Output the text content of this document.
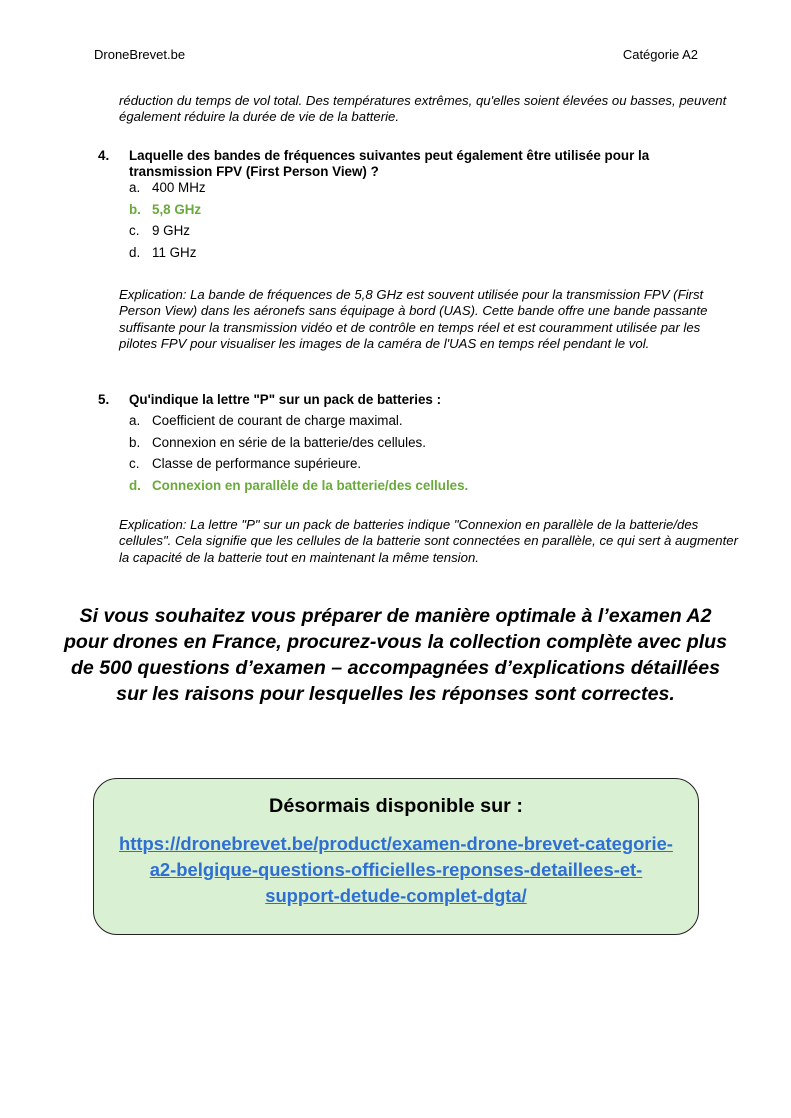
DroneBrevet.be	Catégorie A2

réduction du temps de vol total. Des températures extrêmes, qu'elles soient élevées ou basses, peuvent également réduire la durée de vie de la batterie.

4. Laquelle des bandes de fréquences suivantes peut également être utilisée pour la transmission FPV (First Person View) ?
a. 400 MHz
b. 5,8 GHz
c. 9 GHz
d. 11 GHz

Explication: La bande de fréquences de 5,8 GHz est souvent utilisée pour la transmission FPV (First Person View) dans les aéronefs sans équipage à bord (UAS). Cette bande offre une bande passante suffisante pour la transmission vidéo et de contrôle en temps réel et est couramment utilisée par les pilotes FPV pour visualiser les images de la caméra de l'UAS en temps réel pendant le vol.

5. Qu'indique la lettre "P" sur un pack de batteries :
a. Coefficient de courant de charge maximal.
b. Connexion en série de la batterie/des cellules.
c. Classe de performance supérieure.
d. Connexion en parallèle de la batterie/des cellules.

Explication: La lettre "P" sur un pack de batteries indique "Connexion en parallèle de la batterie/des cellules". Cela signifie que les cellules de la batterie sont connectées en parallèle, ce qui sert à augmenter la capacité de la batterie tout en maintenant la même tension.

Si vous souhaitez vous préparer de manière optimale à l’examen A2 pour drones en France, procurez-vous la collection complète avec plus de 500 questions d’examen – accompagnées d’explications détaillées sur les raisons pour lesquelles les réponses sont correctes.

Désormais disponible sur :
https://dronebrevet.be/product/examen-drone-brevet-categorie-a2-belgique-questions-officielles-reponses-detaillees-et-support-detude-complet-dgta/
